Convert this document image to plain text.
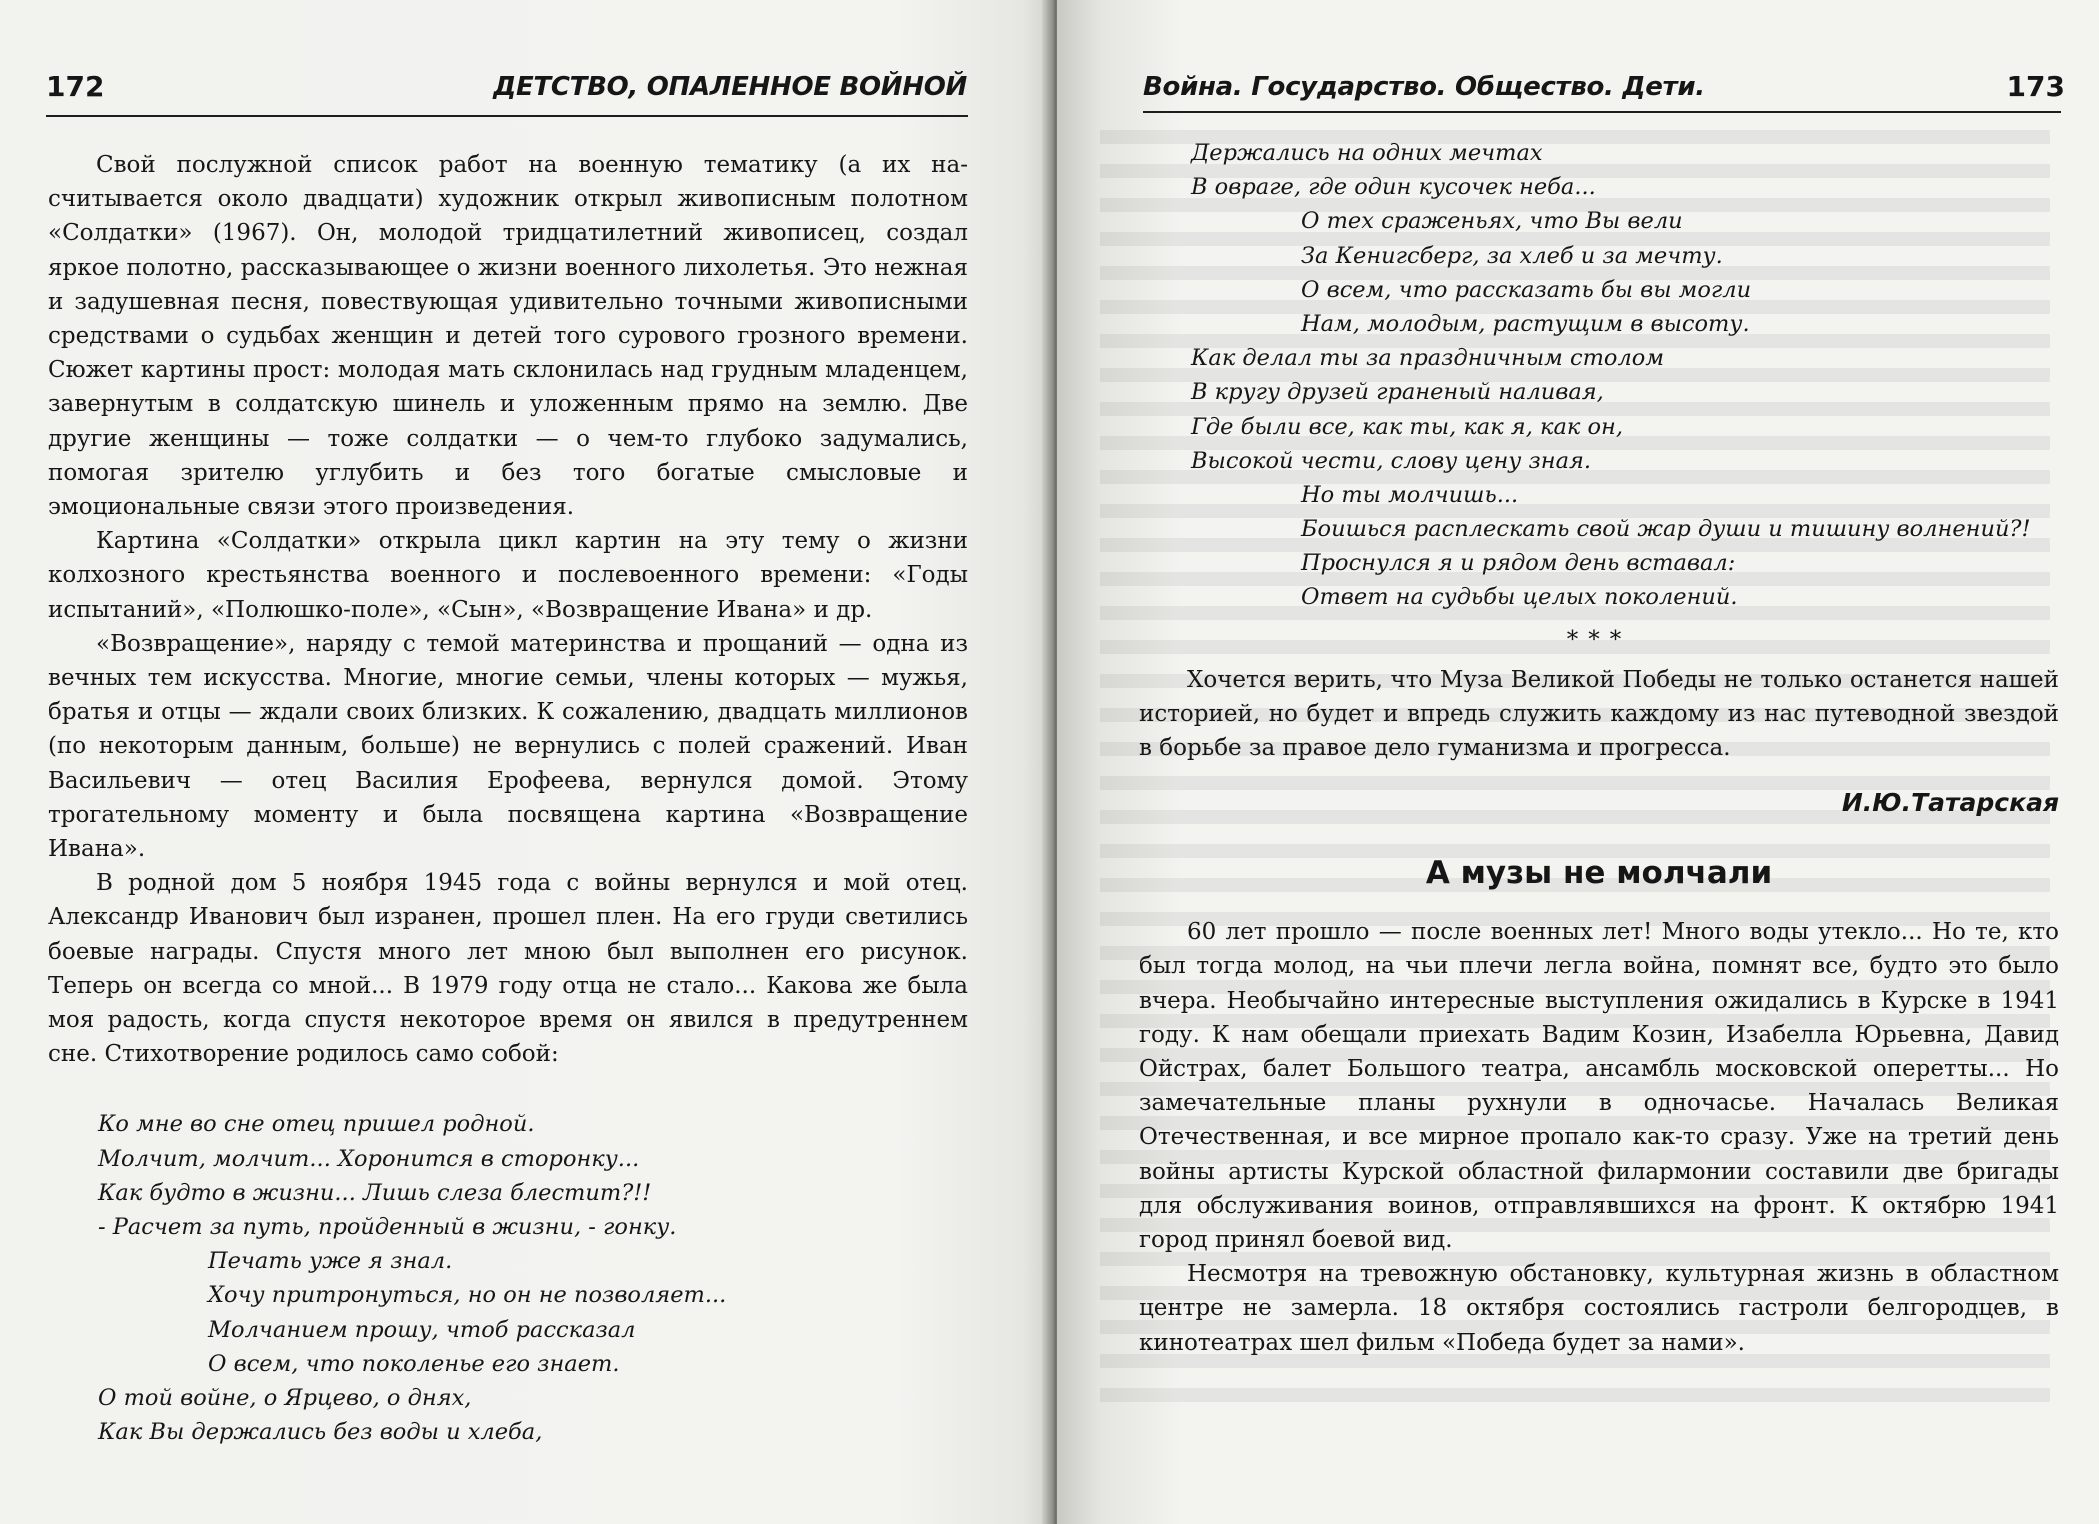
172	ДЕТСТВО, ОПАЛЕННОЕ ВОЙНОЙ

Свой послужной список работ на военную тематику (а их насчитывается около двадцати) художник открыл живописным полотном «Солдатки» (1967). Он, молодой тридцатилетний живописец, создал яркое полотно, рассказывающее о жизни военного лихолетья. Это нежная и задушевная песня, повествующая удивительно точными живописными средствами о судьбах женщин и детей того сурового грозного времени. Сюжет картины прост: молодая мать склонилась над грудным младенцем, завернутым в солдатскую шинель и уложенным прямо на землю. Две другие женщины — тоже солдатки — о чем-то глубоко задумались, помогая зрителю углубить и без того богатые смысловые и эмоциональные связи этого произведения.

Картина «Солдатки» открыла цикл картин на эту тему о жизни колхозного крестьянства военного и послевоенного времени: «Годы испытаний», «Полюшко-поле», «Сын», «Возвращение Ивана» и др.

«Возвращение», наряду с темой материнства и прощаний — одна из вечных тем искусства. Многие, многие семьи, члены которых — мужья, братья и отцы — ждали своих близких. К сожалению, двадцать миллионов (по некоторым данным, больше) не вернулись с полей сражений. Иван Васильевич — отец Василия Ерофеева, вернулся домой. Этому трогательному моменту и была посвящена картина «Возвращение Ивана».

В родной дом 5 ноября 1945 года с войны вернулся и мой отец. Александр Иванович был изранен, прошел плен. На его груди светились боевые награды. Спустя много лет мною был выполнен его рисунок. Теперь он всегда со мной... В 1979 году отца не стало... Какова же была моя радость, когда спустя некоторое время он явился в предутреннем сне. Стихотворение родилось само собой:

Ко мне во сне отец пришел родной.
Молчит, молчит... Хоронится в сторонку...
Как будто в жизни... Лишь слеза блестит?!!
- Расчет за путь, пройденный в жизни, - гонку.
Печать уже я знал.
Хочу притронуться, но он не позволяет...
Молчанием прошу, чтоб рассказал
О всем, что поколенье его знает.
О той войне, о Ярцево, о днях,
Как Вы держались без воды и хлеба,
Война. Государство. Общество. Дети.	173
Держались на одних мечтах
В овраге, где один кусочек неба...
О тех сраженьях, что Вы вели
За Кенигсберг, за хлеб и за мечту.
О всем, что рассказать бы вы могли
Нам, молодым, растущим в высоту.
Как делал ты за праздничным столом
В кругу друзей граненый наливая,
Где были все, как ты, как я, как он,
Высокой чести, слову цену зная.
Но ты молчишь...
Боишься расплескать свой жар души и тишину волнений?!
Проснулся я и рядом день вставал:
Ответ на судьбы целых поколений.
***

Хочется верить, что Муза Великой Победы не только останется нашей историей, но будет и впредь служить каждому из нас путеводной звездой в борьбе за правое дело гуманизма и прогресса.

И.Ю.Татарская
А музы не молчали

60 лет прошло — после военных лет! Много воды утекло... Но те, кто был тогда молод, на чьи плечи легла война, помнят все, будто это было вчера. Необычайно интересные выступления ожидались в Курске в 1941 году. К нам обещали приехать Вадим Козин, Изабелла Юрьевна, Давид Ойстрах, балет Большого театра, ансамбль московской оперетты... Но замечательные планы рухнули в одночасье. Началась Великая Отечественная, и все мирное пропало как-то сразу. Уже на третий день войны артисты Курской областной филармонии составили две бригады для обслуживания воинов, отправлявшихся на фронт. К октябрю 1941 город принял боевой вид.

Несмотря на тревожную обстановку, культурная жизнь в областном центре не замерла. 18 октября состоялись гастроли белгородцев, в кинотеатрах шел фильм «Победа будет за нами».
